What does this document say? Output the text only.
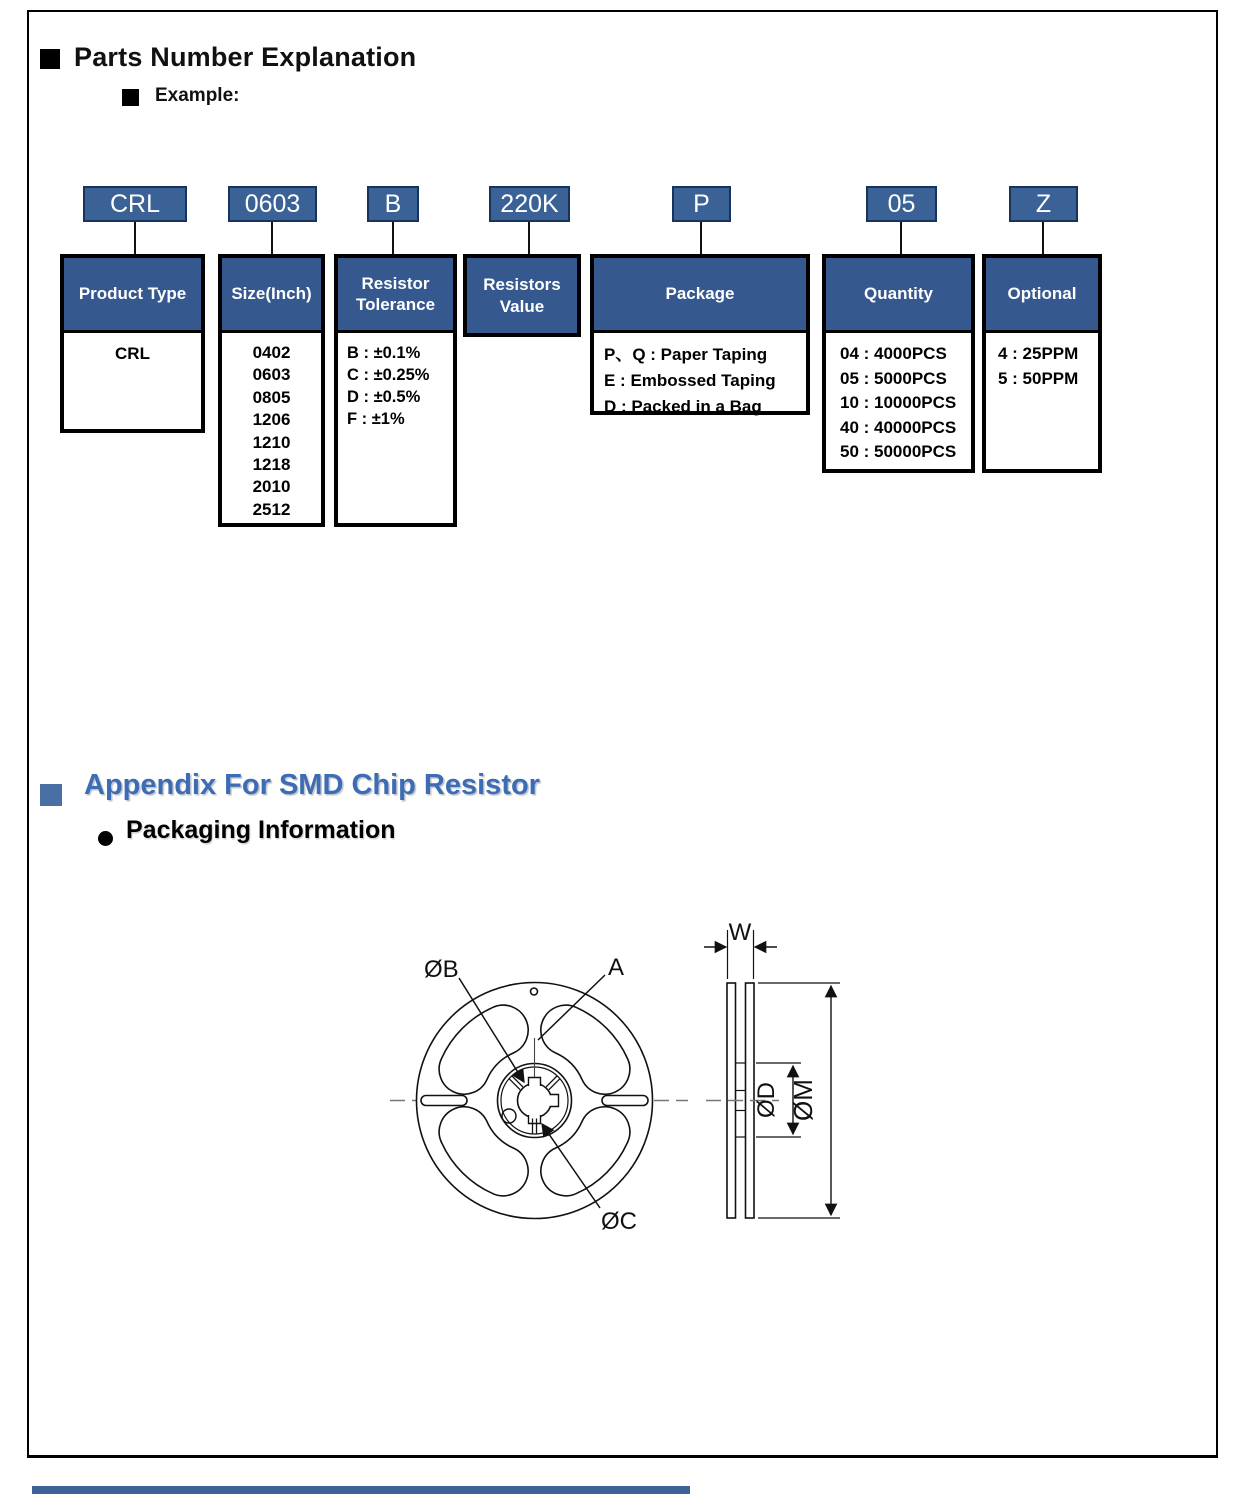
Parts Number Explanation
Example:
CRL	0603	B	220K	P	05	Z
Product Type
CRL
Size(Inch)
0402
0603
0805
1206
1210
1218
2010
2512
Resistor Tolerance
B : ±0.1%
C : ±0.25%
D : ±0.5%
F : ±1%
Resistors Value
Package
P、Q : Paper Taping
E : Embossed Taping
D : Packed in a Bag
Quantity
04 : 4000PCS
05 : 5000PCS
10 : 10000PCS
40 : 40000PCS
50 : 50000PCS
Optional
4 : 25PPM
5 : 50PPM
Appendix For SMD Chip Resistor
Packaging Information
ØB	A
ØC
W
ØD ØM
